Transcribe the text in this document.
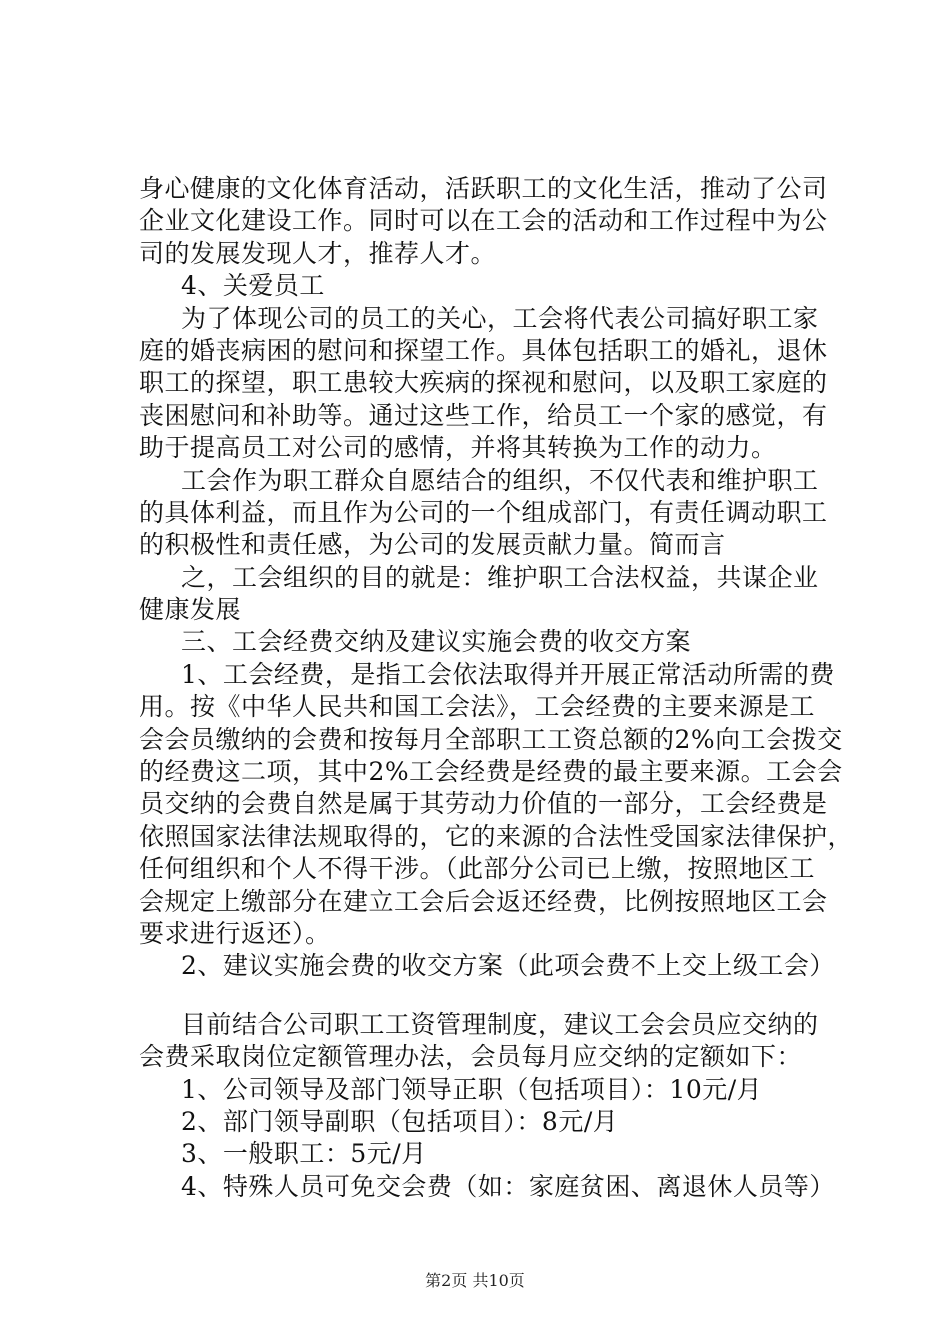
身心健康的文化体育活动，活跃职工的文化生活，推动了公司
企业文化建设工作。同时可以在工会的活动和工作过程中为公
司的发展发现人才，推荐人才。
4、关爱员工
为了体现公司的员工的关心，工会将代表公司搞好职工家
庭的婚丧病困的慰问和探望工作。具体包括职工的婚礼，退休
职工的探望，职工患较大疾病的探视和慰问，以及职工家庭的
丧困慰问和补助等。通过这些工作，给员工一个家的感觉，有
助于提高员工对公司的感情，并将其转换为工作的动力。
工会作为职工群众自愿结合的组织，不仅代表和维护职工
的具体利益，而且作为公司的一个组成部门，有责任调动职工
的积极性和责任感，为公司的发展贡献力量。简而言
之，工会组织的目的就是：维护职工合法权益，共谋企业
健康发展
三、工会经费交纳及建议实施会费的收交方案
1、工会经费，是指工会依法取得并开展正常活动所需的费
用。按《中华人民共和国工会法》，工会经费的主要来源是工
会会员缴纳的会费和按每月全部职工工资总额的2%向工会拨交
的经费这二项，其中2%工会经费是经费的最主要来源。工会会
员交纳的会费自然是属于其劳动力价值的一部分，工会经费是
依照国家法律法规取得的，它的来源的合法性受国家法律保护，
任何组织和个人不得干涉。（此部分公司已上缴，按照地区工
会规定上缴部分在建立工会后会返还经费，比例按照地区工会
要求进行返还）。
2、建议实施会费的收交方案（此项会费不上交上级工会）
目前结合公司职工工资管理制度，建议工会会员应交纳的
会费采取岗位定额管理办法，会员每月应交纳的定额如下：
1、公司领导及部门领导正职（包括项目）：10元/月
2、部门领导副职（包括项目）：8元/月
3、一般职工：5元/月
4、特殊人员可免交会费（如：家庭贫困、离退休人员等）
第2页 共10页
